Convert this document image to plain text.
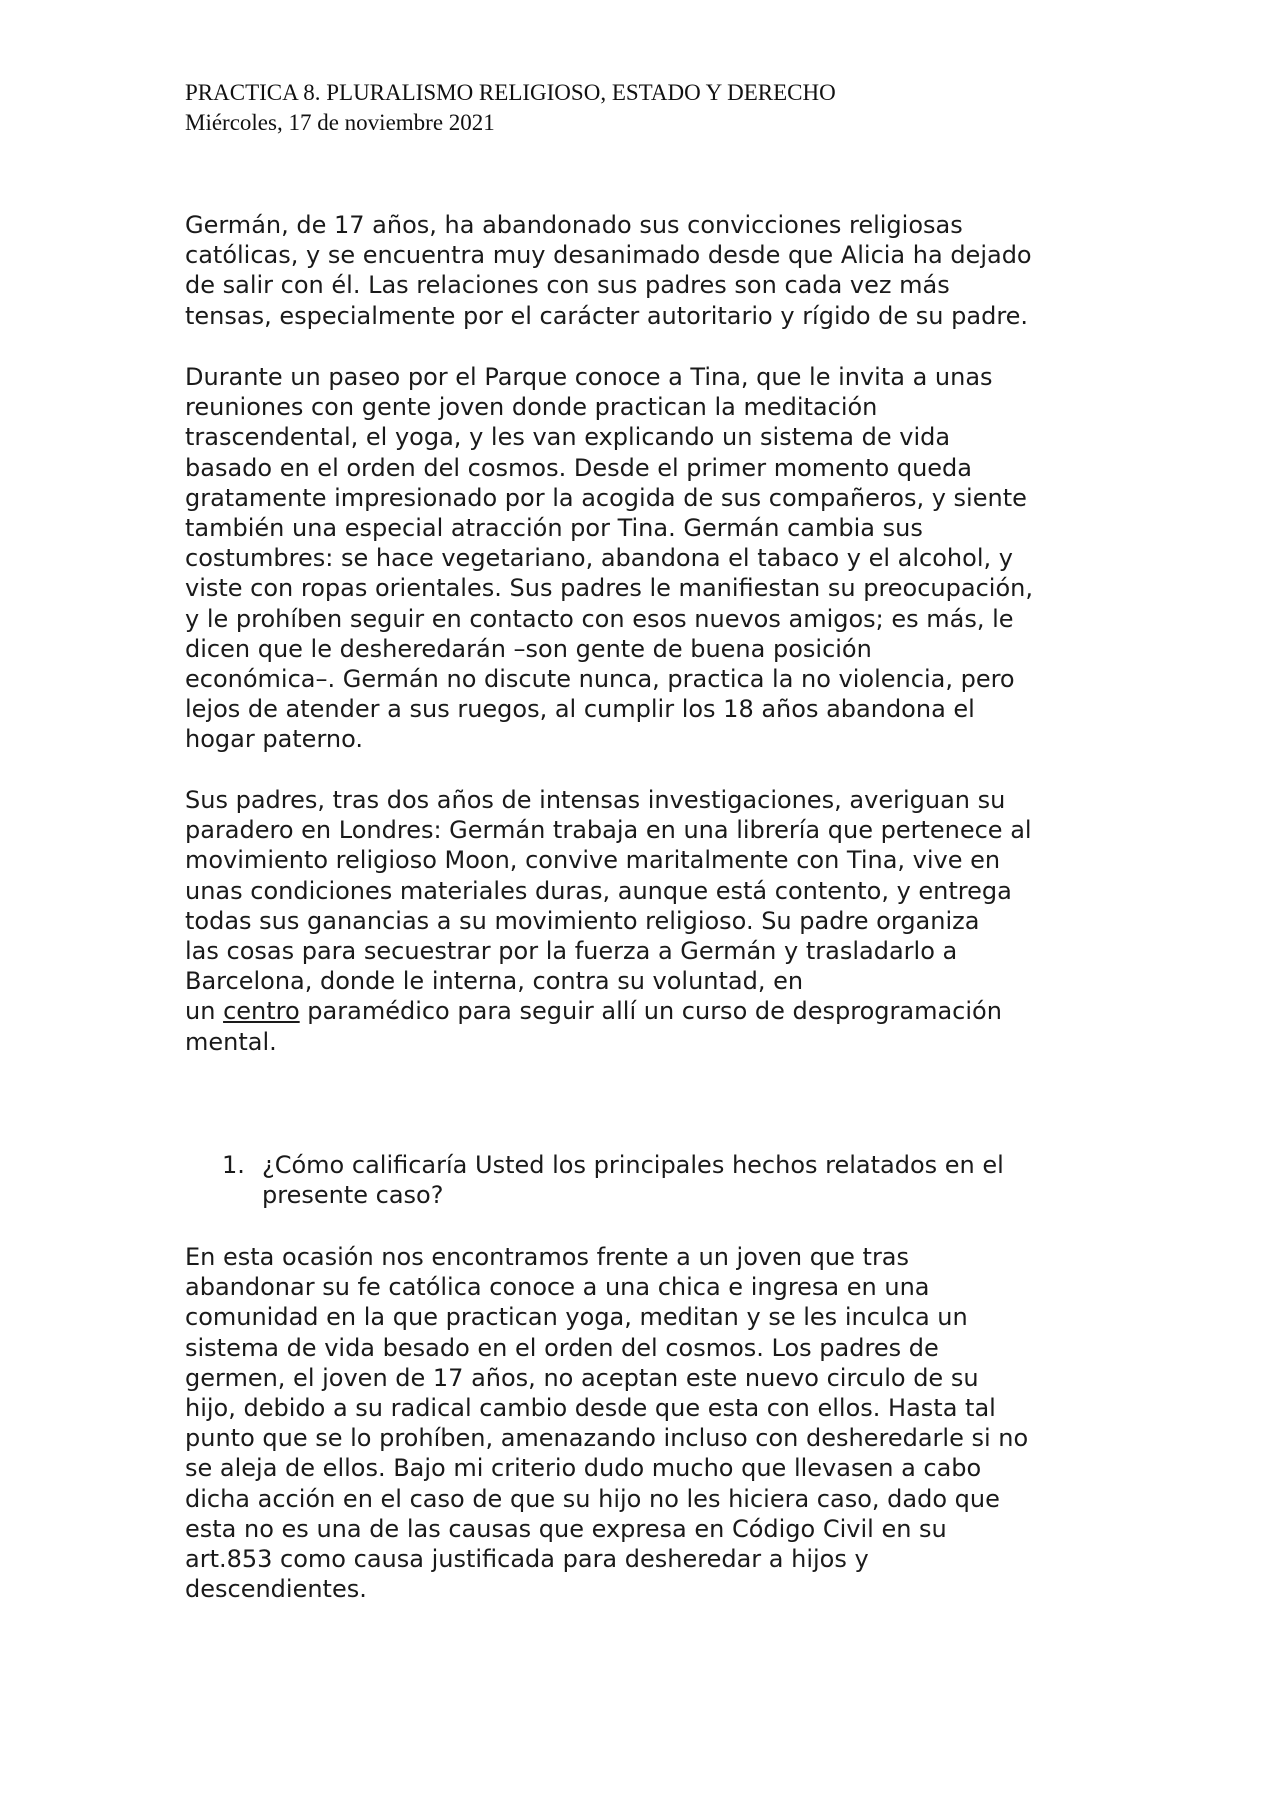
PRACTICA 8. PLURALISMO RELIGIOSO, ESTADO Y DERECHO
Miércoles, 17 de noviembre 2021
Germán, de 17 años, ha abandonado sus convicciones religiosas
católicas, y se encuentra muy desanimado desde que Alicia ha dejado
de salir con él. Las relaciones con sus padres son cada vez más
tensas, especialmente por el carácter autoritario y rígido de su padre.
Durante un paseo por el Parque conoce a Tina, que le invita a unas
reuniones con gente joven donde practican la meditación
trascendental, el yoga, y les van explicando un sistema de vida
basado en el orden del cosmos. Desde el primer momento queda
gratamente impresionado por la acogida de sus compañeros, y siente
también una especial atracción por Tina. Germán cambia sus
costumbres: se hace vegetariano, abandona el tabaco y el alcohol, y
viste con ropas orientales. Sus padres le manifiestan su preocupación,
y le prohíben seguir en contacto con esos nuevos amigos; es más, le
dicen que le desheredarán –son gente de buena posición
económica–. Germán no discute nunca, practica la no violencia, pero
lejos de atender a sus ruegos, al cumplir los 18 años abandona el
hogar paterno.
Sus padres, tras dos años de intensas investigaciones, averiguan su
paradero en Londres: Germán trabaja en una librería que pertenece al
movimiento religioso Moon, convive maritalmente con Tina, vive en
unas condiciones materiales duras, aunque está contento, y entrega
todas sus ganancias a su movimiento religioso. Su padre organiza
las cosas para secuestrar por la fuerza a Germán y trasladarlo a
Barcelona, donde le interna, contra su voluntad, en
un centro paramédico para seguir allí un curso de desprogramación
mental.
1. ¿Cómo calificaría Usted los principales hechos relatados en el
presente caso?
En esta ocasión nos encontramos frente a un joven que tras
abandonar su fe católica conoce a una chica e ingresa en una
comunidad en la que practican yoga, meditan y se les inculca un
sistema de vida besado en el orden del cosmos. Los padres de
germen, el joven de 17 años, no aceptan este nuevo circulo de su
hijo, debido a su radical cambio desde que esta con ellos. Hasta tal
punto que se lo prohíben, amenazando incluso con desheredarle si no
se aleja de ellos. Bajo mi criterio dudo mucho que llevasen a cabo
dicha acción en el caso de que su hijo no les hiciera caso, dado que
esta no es una de las causas que expresa en Código Civil en su
art.853 como causa justificada para desheredar a hijos y
descendientes.
